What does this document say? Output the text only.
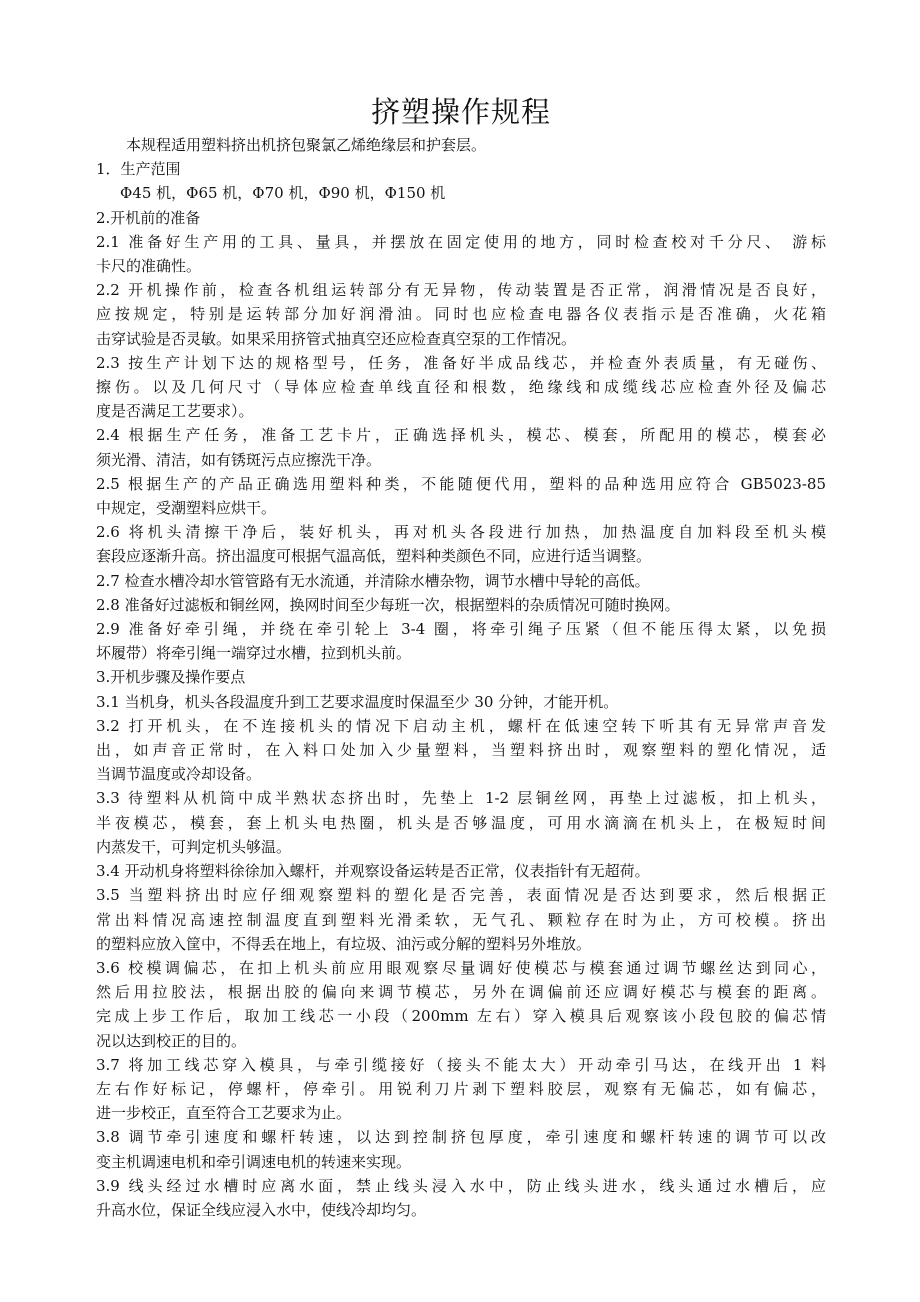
挤塑操作规程
本规程适用塑料挤出机挤包聚氯乙烯绝缘层和护套层。
1．生产范围
Φ45 机，Φ65 机，Φ70 机，Φ90 机，Φ150 机
2.开机前的准备
2.1 准备好生产用的工具、量具，并摆放在固定使用的地方，同时检查校对千分尺、 游标
卡尺的准确性。
2.2 开机操作前，检查各机组运转部分有无异物，传动装置是否正常，润滑情况是否良好，
应按规定，特别是运转部分加好润滑油。同时也应检查电器各仪表指示是否准确，火花箱
击穿试验是否灵敏。如果采用挤管式抽真空还应检查真空泵的工作情况。
2.3 按生产计划下达的规格型号，任务，准备好半成品线芯，并检查外表质量，有无碰伤、
擦伤。以及几何尺寸（导体应检查单线直径和根数，绝缘线和成缆线芯应检查外径及偏芯
度是否满足工艺要求）。
2.4 根据生产任务，准备工艺卡片，正确选择机头，模芯、模套，所配用的模芯，模套必
须光滑、清洁，如有锈斑污点应擦洗干净。
2.5 根据生产的产品正确选用塑料种类，不能随便代用，塑料的品种选用应符合 GB5023-85
中规定，受潮塑料应烘干。
2.6 将机头清擦干净后，装好机头，再对机头各段进行加热，加热温度自加料段至机头模
套段应逐渐升高。挤出温度可根据气温高低，塑料种类颜色不同，应进行适当调整。
2.7 检查水槽冷却水管管路有无水流通，并清除水槽杂物，调节水槽中导轮的高低。
2.8 准备好过滤板和铜丝网，换网时间至少每班一次，根据塑料的杂质情况可随时换网。
2.9 准备好牵引绳，并绕在牵引轮上 3-4 圈，将牵引绳子压紧（但不能压得太紧，以免损
坏履带）将牵引绳一端穿过水槽，拉到机头前。
3.开机步骤及操作要点
3.1 当机身，机头各段温度升到工艺要求温度时保温至少 30 分钟，才能开机。
3.2 打开机头，在不连接机头的情况下启动主机，螺杆在低速空转下听其有无异常声音发
出，如声音正常时，在入料口处加入少量塑料，当塑料挤出时，观察塑料的塑化情况，适
当调节温度或冷却设备。
3.3 待塑料从机筒中成半熟状态挤出时，先垫上 1-2 层铜丝网，再垫上过滤板，扣上机头，
半夜模芯，模套，套上机头电热圈，机头是否够温度，可用水滴滴在机头上，在极短时间
内蒸发干，可判定机头够温。
3.4 开动机身将塑料徐徐加入螺杆，并观察设备运转是否正常，仪表指针有无超荷。
3.5 当塑料挤出时应仔细观察塑料的塑化是否完善，表面情况是否达到要求，然后根据正
常出料情况高速控制温度直到塑料光滑柔软，无气孔、颗粒存在时为止，方可校模。挤出
的塑料应放入筐中，不得丢在地上，有垃圾、油污或分解的塑料另外堆放。
3.6 校模调偏芯，在扣上机头前应用眼观察尽量调好使模芯与模套通过调节螺丝达到同心，
然后用拉胶法，根据出胶的偏向来调节模芯，另外在调偏前还应调好模芯与模套的距离。
完成上步工作后，取加工线芯一小段（200mm 左右）穿入模具后观察该小段包胶的偏芯情
况以达到校正的目的。
3.7 将加工线芯穿入模具，与牵引缆接好（接头不能太大）开动牵引马达，在线开出 1 料
左右作好标记，停螺杆，停牵引。用锐利刀片剥下塑料胶层，观察有无偏芯，如有偏芯，
进一步校正，直至符合工艺要求为止。
3.8 调节牵引速度和螺杆转速，以达到控制挤包厚度，牵引速度和螺杆转速的调节可以改
变主机调速电机和牵引调速电机的转速来实现。
3.9 线头经过水槽时应离水面，禁止线头浸入水中，防止线头进水，线头通过水槽后，应
升高水位，保证全线应浸入水中，使线冷却均匀。
